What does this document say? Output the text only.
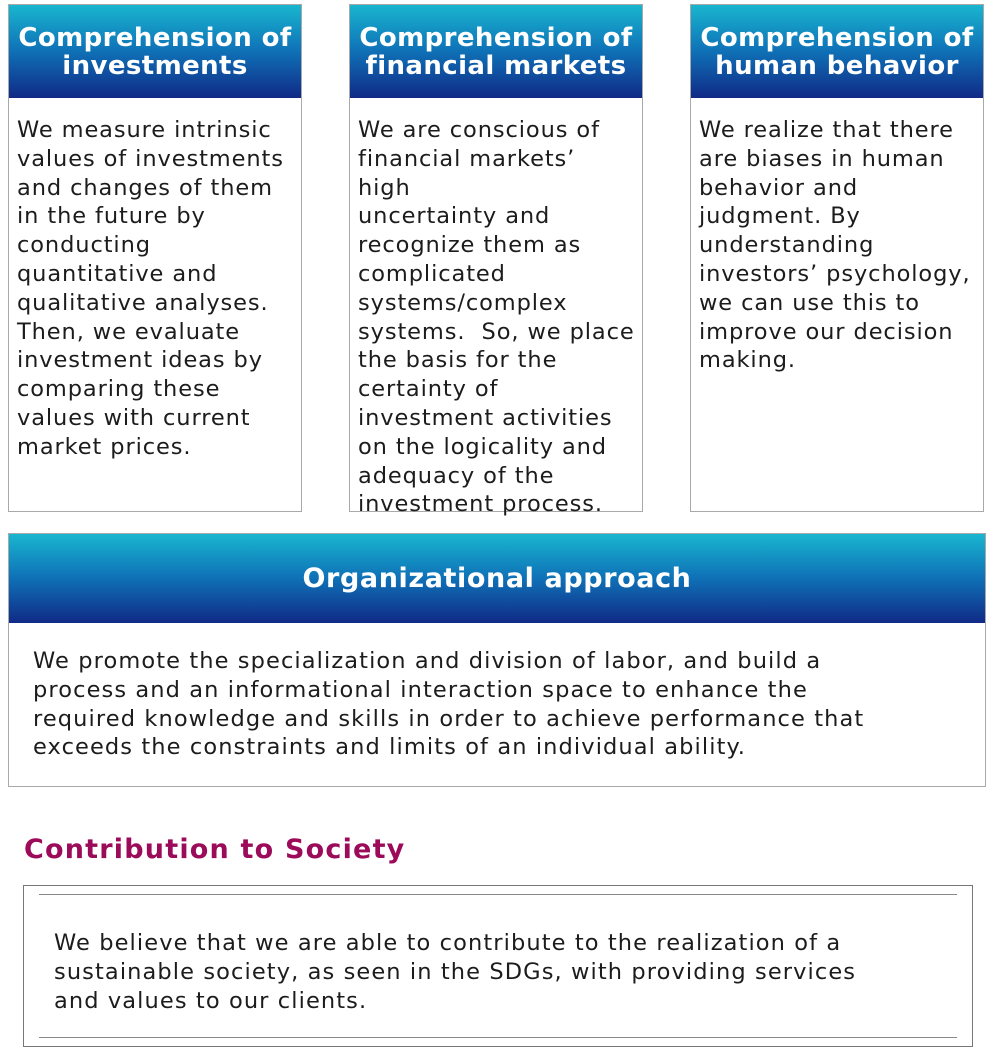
Comprehension of
investments
We measure intrinsic
values of investments
and changes of them
in the future by
conducting
quantitative and
qualitative analyses.
Then, we evaluate
investment ideas by
comparing these
values with current
market prices.
Comprehension of
financial markets
We are conscious of
financial markets’ high
uncertainty and
recognize them as
complicated
systems/complex
systems.  So, we place
the basis for the
certainty of
investment activities
on the logicality and
adequacy of the
investment process.
Comprehension of
human behavior
We realize that there
are biases in human
behavior and
judgment. By
understanding
investors’ psychology,
we can use this to
improve our decision
making.
Organizational approach
We promote the specialization and division of labor, and build a
process and an informational interaction space to enhance the
required knowledge and skills in order to achieve performance that
exceeds the constraints and limits of an individual ability.
Contribution to Society
We believe that we are able to contribute to the realization of a
sustainable society, as seen in the SDGs, with providing services
and values to our clients.
